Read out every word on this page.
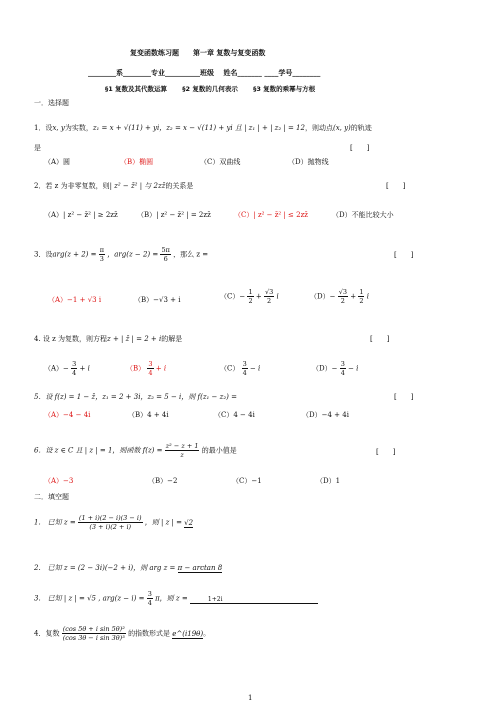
复变函数练习题　　第一章 复数与复变函数
________系________专业__________班级　 姓名_______ ____学号________
§1 复数及其代数运算　　 §2 复数的几何表示　　 §3 复数的乘幂与方根
一．选择题
1．设x, y为实数，z₁ = x + √(11) + yi，z₂ = x − √(11) + yi 且 | z₁ | + | z₂ | = 12，则动点(x, y)的轨迹
是	[　　]
（A）圆	（B）椭圆	（C）双曲线	（D）抛物线
2．若 z 为非零复数，则| z² − z̄² | 与 2zz̄的关系是	[　　]
（A）| z² − z̄² | ≥ 2zz̄	（B）| z² − z̄² | = 2zz̄	（C）| z² − z̄² | ≤ 2zz̄	（D）不能比较大小
3．设$arg(z + 2) = \frac{\pi}{3}$ ，$arg(z - 2) = \frac{5\pi}{6}$ ，那么 z =	[　　]
（A）−1 + √3 i	（B）−√3 + i	$(C)- \frac{1}{2} + \frac{√3}{2}$ i	$(D)- \frac{√3}{2} + \frac{1}{2}$ i
4. 设 z 为复数，则方程z + | z̄ | = 2 + i的解是	[　　]
$(A)- \frac{3}{4} + i$	$(B) \frac{3}{4} + i$	$(C) \frac{3}{4} - i$	$(D)- \frac{3}{4} - i$
5．设 f(z) = 1 − z̄，z₁ = 2 + 3i，z₂ = 5 − i，则 f(z₁ − z₂) =	[　　]
（A）−4 − 4i	（B）4 + 4i	（C）4 − 4i	（D）−4 + 4i
6．设 z ∈ C 且 | z | = 1，则函数 $f(z) = \frac{\text{z² − z + 1}}{z}$ 的最小值是	[　　]
（A）−3	（B）−2	（C）−1	（D）1
二．填空题
1.　已知 $z = \frac{(1 + i)(2 - i)(3 - i)}{(3 + i)(2 + i)}$ ，则 | z | = √2
2.　已知 z = (2 − 3i)(−2 + i)，则 arg z = π − arctan 8
3.　已知 | z | = √5 , $arg(z - i) = \frac{3}{4}$ π，则 z =	1+2i
4．复数 $\frac{\text{(cos 5θ + i sin 5θ)²}}{\text{(cos 3θ − i sin 3θ)³}}$ 的指数形式是 e^(i19θ)。
1
